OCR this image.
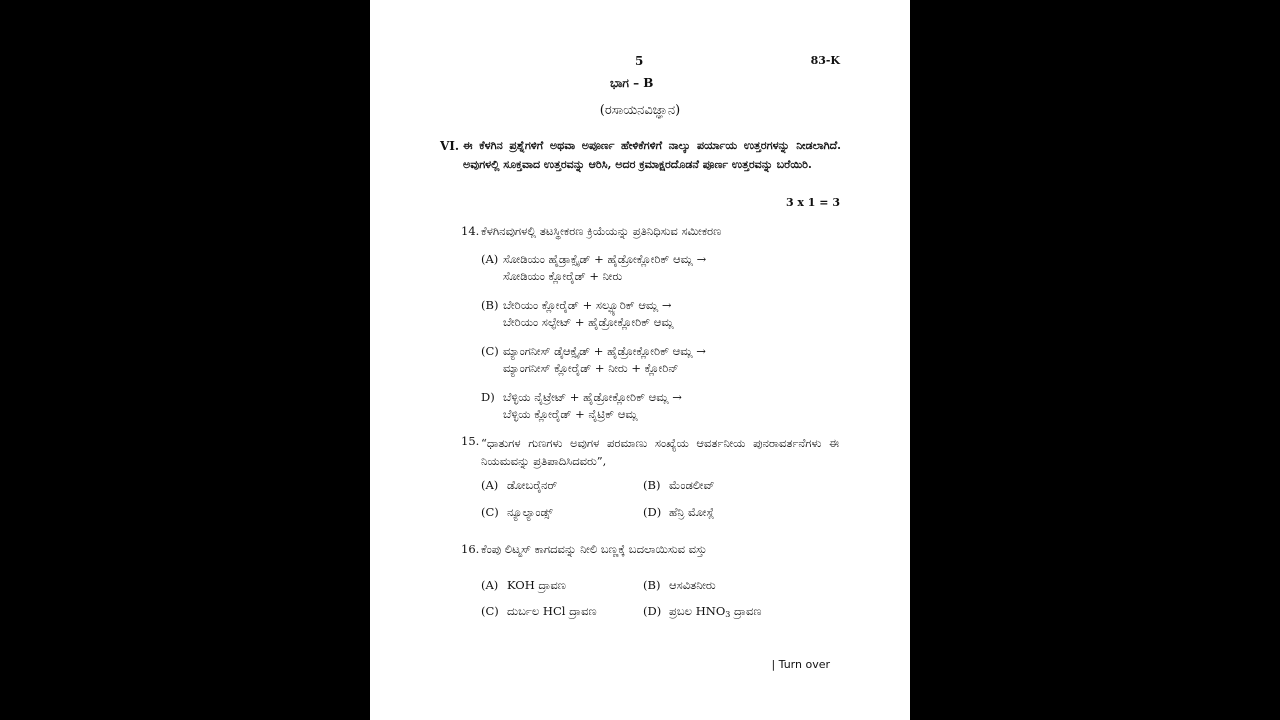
5	83-K
ಭಾಗ – B
(ರಸಾಯನವಿಜ್ಞಾನ)
VI. ಈ ಕೆಳಗಿನ ಪ್ರಶ್ನೆಗಳಿಗೆ ಅಥವಾ ಅಪೂರ್ಣ ಹೇಳಿಕೆಗಳಿಗೆ ನಾಲ್ಕು ಪರ್ಯಾಯ ಉತ್ತರಗಳನ್ನು ನೀಡಲಾಗಿದೆ. ಅವುಗಳಲ್ಲಿ ಸೂಕ್ತವಾದ ಉತ್ತರವನ್ನು ಆರಿಸಿ, ಅದರ ಕ್ರಮಾಕ್ಷರದೊಡನೆ ಪೂರ್ಣ ಉತ್ತರವನ್ನು ಬರೆಯಿರಿ.
3 x 1 = 3
14. ಕೆಳಗಿನವುಗಳಲ್ಲಿ ತಟಸ್ಥೀಕರಣ ಕ್ರಿಯೆಯನ್ನು ಪ್ರತಿನಿಧಿಸುವ ಸಮೀಕರಣ
(A) ಸೋಡಿಯಂ ಹೈಡ್ರಾಕ್ಸೈಡ್ + ಹೈಡ್ರೋಕ್ಲೋರಿಕ್ ಆಮ್ಲ →
ಸೋಡಿಯಂ ಕ್ಲೋರೈಡ್ + ನೀರು
(B) ಬೇರಿಯಂ ಕ್ಲೋರೈಡ್ + ಸಲ್ಫ್ಯೂರಿಕ್ ಆಮ್ಲ →
ಬೇರಿಯಂ ಸಲ್ಫೇಟ್ + ಹೈಡ್ರೋಕ್ಲೋರಿಕ್ ಆಮ್ಲ
(C) ಮ್ಯಾಂಗನೀಸ್ ಡೈಆಕ್ಸೈಡ್ + ಹೈಡ್ರೋಕ್ಲೋರಿಕ್ ಆಮ್ಲ →
ಮ್ಯಾಂಗನೀಸ್ ಕ್ಲೋರೈಡ್ + ನೀರು + ಕ್ಲೋರಿನ್
D) ಬೆಳ್ಳಿಯ ನೈಟ್ರೇಟ್ + ಹೈಡ್ರೋಕ್ಲೋರಿಕ್ ಆಮ್ಲ →
ಬೆಳ್ಳಿಯ ಕ್ಲೋರೈಡ್ + ನೈಟ್ರಿಕ್ ಆಮ್ಲ
15. “ಧಾತುಗಳ ಗುಣಗಳು ಅವುಗಳ ಪರಮಾಣು ಸಂಖ್ಯೆಯ ಆವರ್ತನೀಯ ಪುನರಾವರ್ತನೆಗಳು ಈ ನಿಯಮವನ್ನು ಪ್ರತಿಪಾದಿಸಿದವರು”,
(A) ಡೋಬರೈನರ್	(B) ಮೆಂಡಲೀವ್
(C) ನ್ಯೂಲ್ಯಾಂಡ್ಸ್	(D) ಹೆನ್ರಿ ಮೋಸ್ಲೆ
16. ಕೆಂಪು ಲಿಟ್ಮಸ್ ಕಾಗದವನ್ನು ನೀಲಿ ಬಣ್ಣಕ್ಕೆ ಬದಲಾಯಿಸುವ ವಸ್ತು
(A) KOH ದ್ರಾವಣ	(B) ಆಸವಿತನೀರು
(C) ದುರ್ಬಲ HCl ದ್ರಾವಣ	(D) ಪ್ರಬಲ $HNO_3$ ದ್ರಾವಣ
| Turn over
